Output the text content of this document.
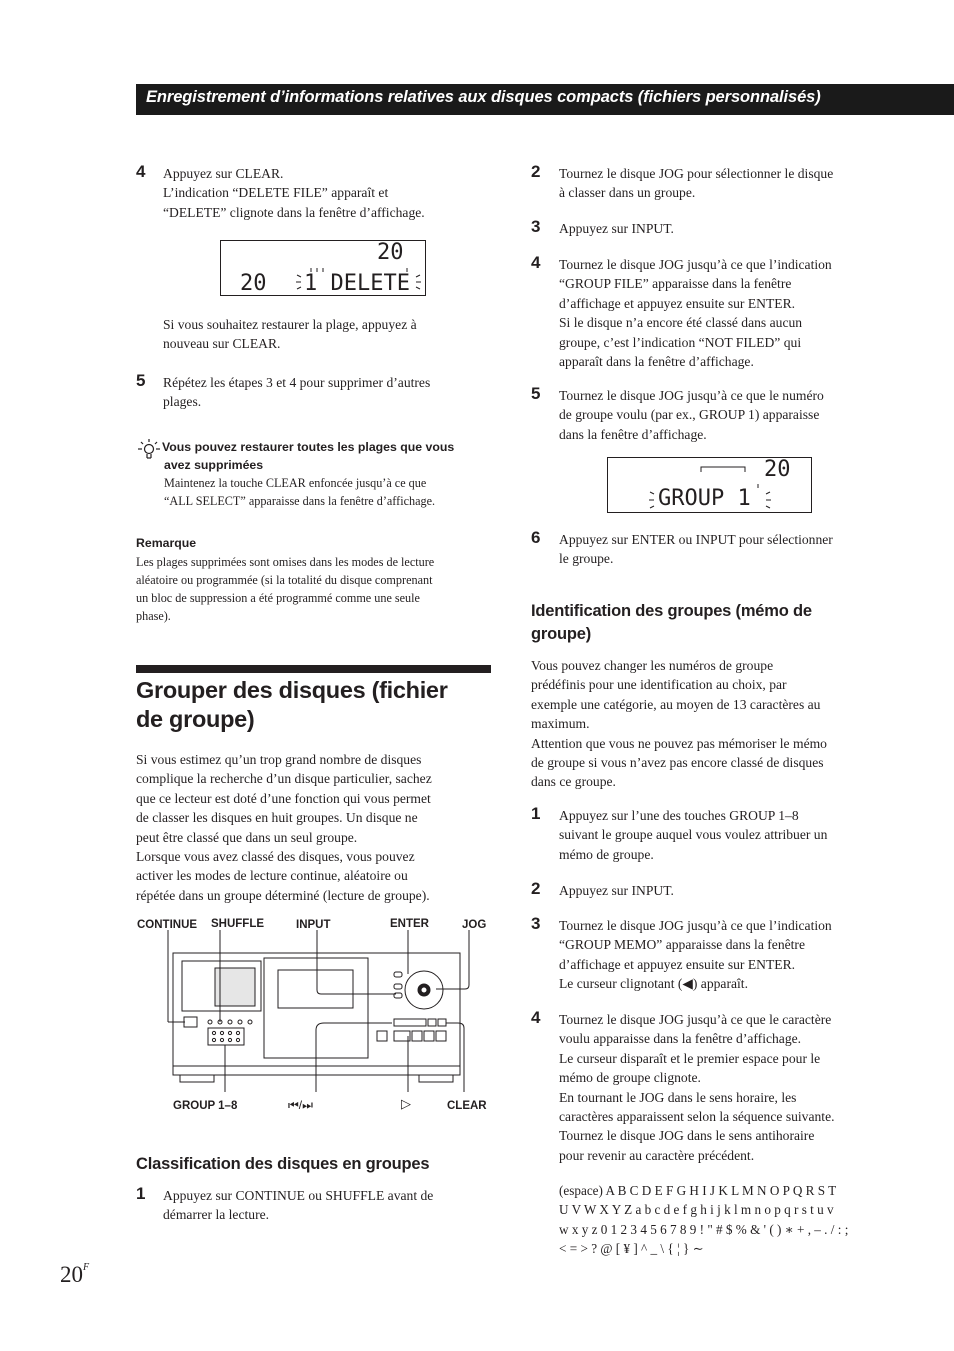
Enregistrement d’informations relatives aux disques compacts (fichiers personnalisés)
4 Appuyez sur CLEAR.
L’indication “DELETE FILE” apparaît et
“DELETE” clignote dans la fenêtre d’affichage.
20
20 1 DELETE
Si vous souhaitez restaurer la plage, appuyez à
nouveau sur CLEAR.
5 Répétez les étapes 3 et 4 pour supprimer d’autres
plages.
Vous pouvez restaurer toutes les plages que vous
avez supprimées
Maintenez la touche CLEAR enfoncée jusqu’à ce que
“ALL SELECT” apparaisse dans la fenêtre d’affichage.
Remarque
Les plages supprimées sont omises dans les modes de lecture
aléatoire ou programmée (si la totalité du disque comprenant
un bloc de suppression a été programmé comme une seule
phase).
Grouper des disques (fichier
de groupe)
Si vous estimez qu’un trop grand nombre de disques
complique la recherche d’un disque particulier, sachez
que ce lecteur est doté d’une fonction qui vous permet
de classer les disques en huit groupes. Un disque ne
peut être classé que dans un seul groupe.
Lorsque vous avez classé des disques, vous pouvez
activer les modes de lecture continue, aléatoire ou
répétée dans un groupe déterminé (lecture de groupe).
CONTINUE SHUFFLE	INPUT	ENTER	JOG
GROUP 1–8	⏮/⏭	▷	CLEAR
Classification des disques en groupes
1 Appuyez sur CONTINUE ou SHUFFLE avant de
démarrer la lecture.
2 Tournez le disque JOG pour sélectionner le disque
à classer dans un groupe.
3 Appuyez sur INPUT.
4 Tournez le disque JOG jusqu’à ce que l’indication
“GROUP FILE” apparaisse dans la fenêtre
d’affichage et appuyez ensuite sur ENTER.
Si le disque n’a encore été classé dans aucun
groupe, c’est l’indication “NOT FILED” qui
apparaît dans la fenêtre d’affichage.
5 Tournez le disque JOG jusqu’à ce que le numéro
de groupe voulu (par ex., GROUP 1) apparaisse
dans la fenêtre d’affichage.
20
GROUP 1
6 Appuyez sur ENTER ou INPUT pour sélectionner
le groupe.
Identification des groupes (mémo de
groupe)
Vous pouvez changer les numéros de groupe
prédéfinis pour une identification au choix, par
exemple une catégorie, au moyen de 13 caractères au
maximum.
Attention que vous ne pouvez pas mémoriser le mémo
de groupe si vous n’avez pas encore classé de disques
dans ce groupe.
1 Appuyez sur l’une des touches GROUP 1–8
suivant le groupe auquel vous voulez attribuer un
mémo de groupe.
2 Appuyez sur INPUT.
3 Tournez le disque JOG jusqu’à ce que l’indication
“GROUP MEMO” apparaisse dans la fenêtre
d’affichage et appuyez ensuite sur ENTER.
Le curseur clignotant (◀) apparaît.
4 Tournez le disque JOG jusqu’à ce que le caractère
voulu apparaisse dans la fenêtre d’affichage.
Le curseur disparaît et le premier espace pour le
mémo de groupe clignote.
En tournant le JOG dans le sens horaire, les
caractères apparaissent selon la séquence suivante.
Tournez le disque JOG dans le sens antihoraire
pour revenir au caractère précédent.
(espace) A B C D E F G H I J K L M N O P Q R S T
U V W X Y Z a b c d e f g h i j k l m n o p q r s t u v
w x y z 0 1 2 3 4 5 6 7 8 9 ! " # $ % & ' ( ) ∗ + , – . / : ;
< = > ? @ [ ¥ ] ^ _ \ { ¦ } ∼
$20^F$
